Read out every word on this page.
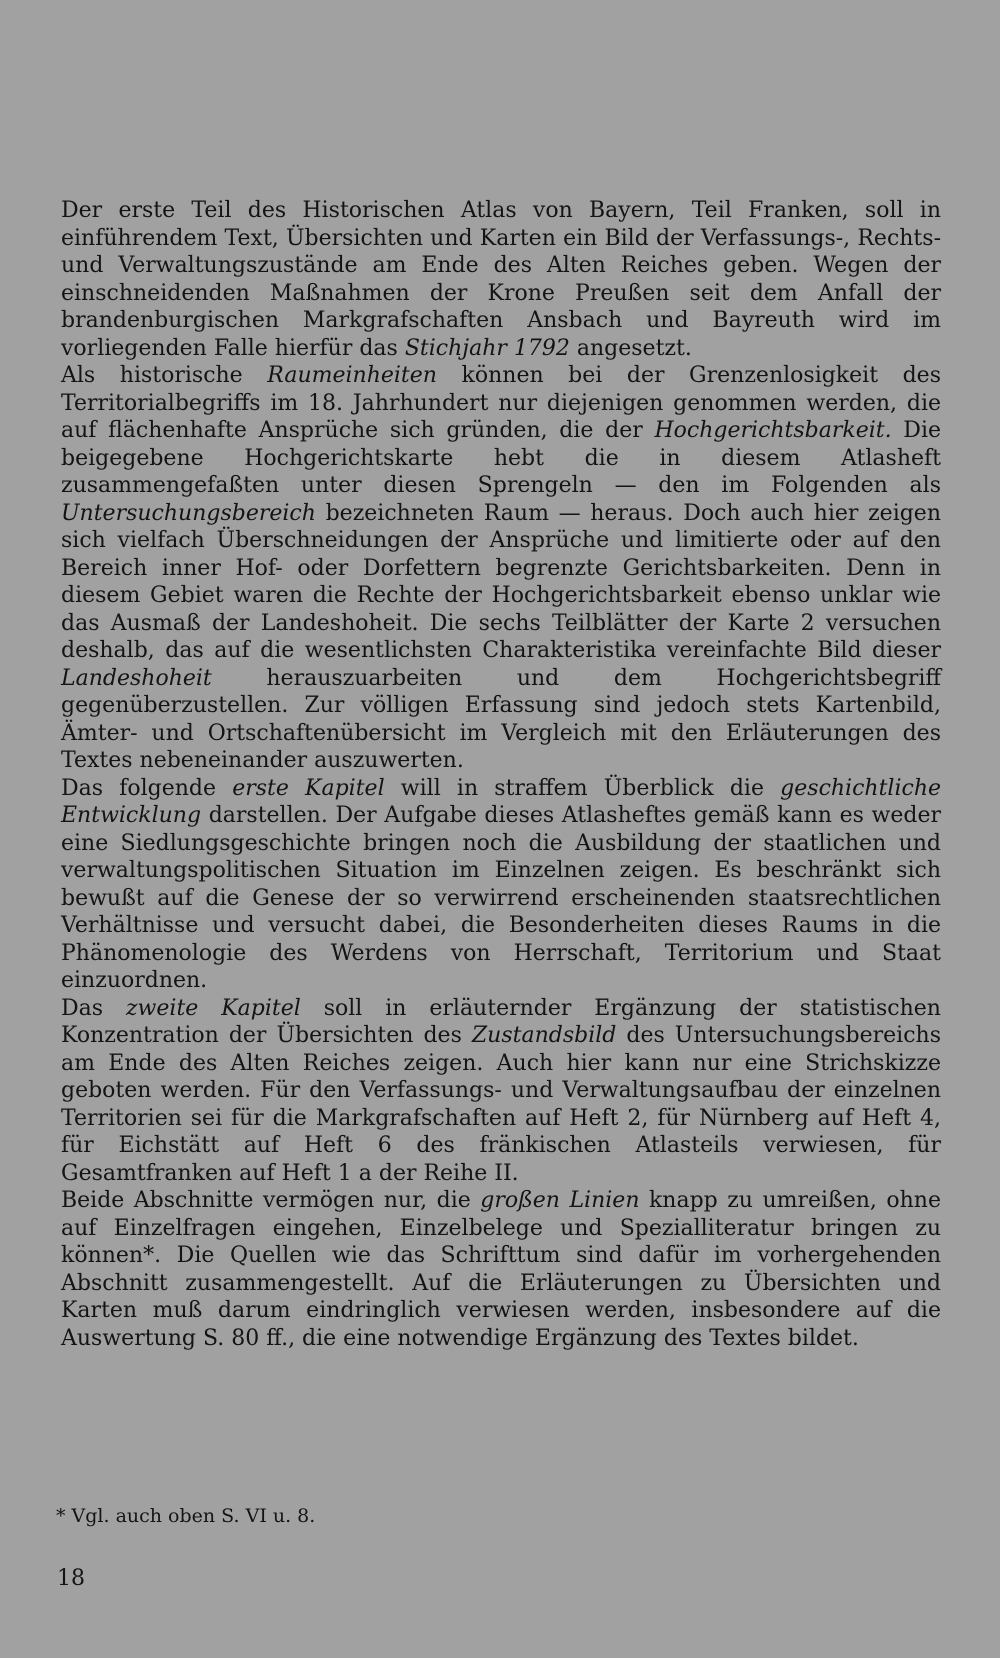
Der erste Teil des Historischen Atlas von Bayern, Teil Franken, soll in einführendem Text, Übersichten und Karten ein Bild der Verfassungs-, Rechts- und Verwaltungszustände am Ende des Alten Reiches geben. Wegen der einschneidenden Maßnahmen der Krone Preußen seit dem Anfall der brandenburgischen Markgrafschaften Ansbach und Bayreuth wird im vorliegenden Falle hierfür das Stichjahr 1792 angesetzt.

Als historische Raumeinheiten können bei der Grenzenlosigkeit des Territorialbegriffs im 18. Jahrhundert nur diejenigen genommen werden, die auf flächenhafte Ansprüche sich gründen, die der Hochgerichtsbarkeit. Die beigegebene Hochgerichtskarte hebt die in diesem Atlasheft zusammengefaßten unter diesen Sprengeln — den im Folgenden als Untersuchungsbereich bezeichneten Raum — heraus. Doch auch hier zeigen sich vielfach Überschneidungen der Ansprüche und limitierte oder auf den Bereich inner Hof- oder Dorfettern begrenzte Gerichtsbarkeiten. Denn in diesem Gebiet waren die Rechte der Hochgerichtsbarkeit ebenso unklar wie das Ausmaß der Landeshoheit. Die sechs Teilblätter der Karte 2 versuchen deshalb, das auf die wesentlichsten Charakteristika vereinfachte Bild dieser Landeshoheit herauszuarbeiten und dem Hochgerichtsbegriff gegenüberzustellen. Zur völligen Erfassung sind jedoch stets Kartenbild, Ämter- und Ortschaftenübersicht im Vergleich mit den Erläuterungen des Textes nebeneinander auszuwerten.

Das folgende erste Kapitel will in straffem Überblick die geschichtliche Entwicklung darstellen. Der Aufgabe dieses Atlasheftes gemäß kann es weder eine Siedlungsgeschichte bringen noch die Ausbildung der staatlichen und verwaltungspolitischen Situation im Einzelnen zeigen. Es beschränkt sich bewußt auf die Genese der so verwirrend erscheinenden staatsrechtlichen Verhältnisse und versucht dabei, die Besonderheiten dieses Raums in die Phänomenologie des Werdens von Herrschaft, Territorium und Staat einzuordnen.

Das zweite Kapitel soll in erläuternder Ergänzung der statistischen Konzentration der Übersichten des Zustandsbild des Untersuchungsbereichs am Ende des Alten Reiches zeigen. Auch hier kann nur eine Strichskizze geboten werden. Für den Verfassungs- und Verwaltungsaufbau der einzelnen Territorien sei für die Markgrafschaften auf Heft 2, für Nürnberg auf Heft 4, für Eichstätt auf Heft 6 des fränkischen Atlasteils verwiesen, für Gesamtfranken auf Heft 1 a der Reihe II.

Beide Abschnitte vermögen nur, die großen Linien knapp zu umreißen, ohne auf Einzelfragen eingehen, Einzelbelege und Spezialliteratur bringen zu können*. Die Quellen wie das Schrifttum sind dafür im vorhergehenden Abschnitt zusammengestellt. Auf die Erläuterungen zu Übersichten und Karten muß darum eindringlich verwiesen werden, insbesondere auf die Auswertung S. 80 ff., die eine notwendige Ergänzung des Textes bildet.

* Vgl. auch oben S. VI u. 8.
18
